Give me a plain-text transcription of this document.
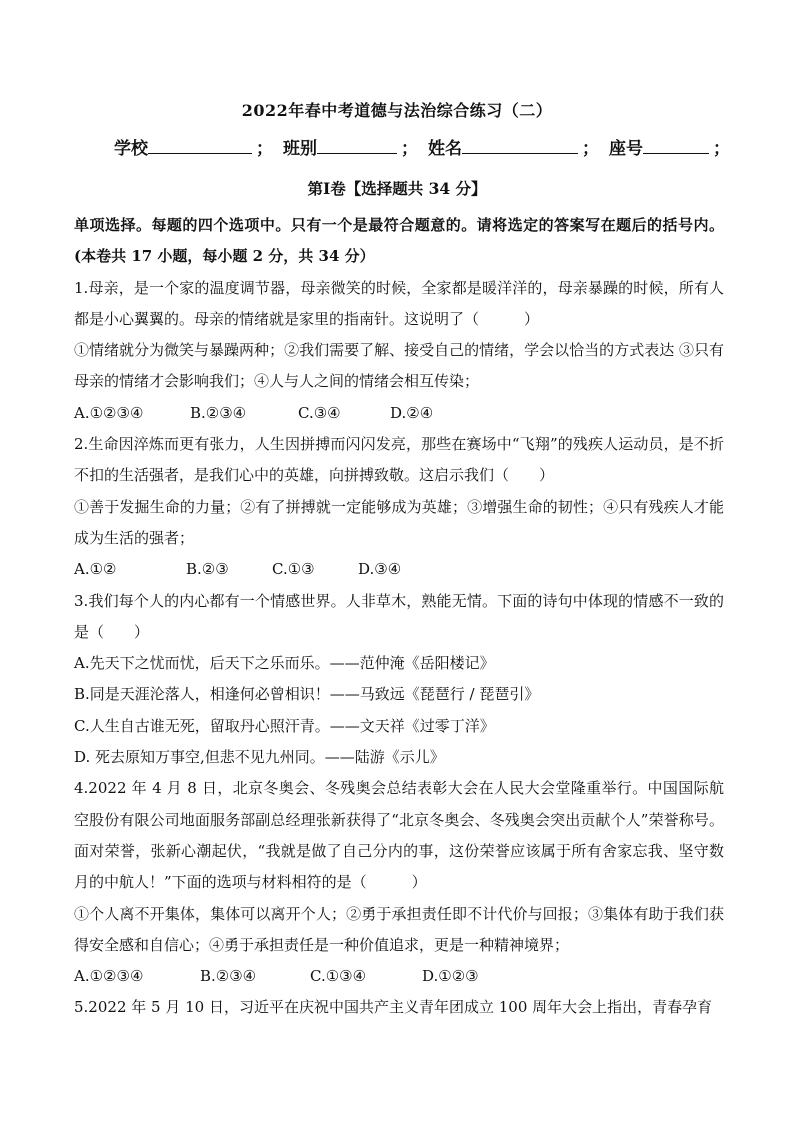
2022年春中考道德与法治综合练习（二）
学校	； 班别	； 姓名	； 座号	；
第Ⅰ卷【选择题共 34 分】

单项选择。每题的四个选项中。只有一个是最符合题意的。请将选定的答案写在题后的括号内。(本卷共 17 小题，每小题 2 分，共 34 分）

1.母亲，是一个家的温度调节器，母亲微笑的时候，全家都是暖洋洋的，母亲暴躁的时候，所有人都是小心翼翼的。母亲的情绪就是家里的指南针。这说明了（　　　）

①情绪就分为微笑与暴躁两种；②我们需要了解、接受自己的情绪，学会以恰当的方式表达 ③只有母亲的情绪才会影响我们；④人与人之间的情绪会相互传染；

A.①②③④	B.②③④	C.③④	D.②④

2.生命因淬炼而更有张力，人生因拼搏而闪闪发亮，那些在赛场中“飞翔”的残疾人运动员，是不折不扣的生活强者，是我们心中的英雄，向拼搏致敬。这启示我们（　　）

①善于发掘生命的力量；②有了拼搏就一定能够成为英雄；③增强生命的韧性；④只有残疾人才能成为生活的强者；

A.①②	B.②③	C.①③	D.③④

3.我们每个人的内心都有一个情感世界。人非草木，熟能无情。下面的诗句中体现的情感不一致的是（　　）

A.先天下之忧而忧，后天下之乐而乐。——范仲淹《岳阳楼记》

B.同是天涯沦落人，相逢何必曾相识！——马致远《琵琶行 / 琵琶引》

C.人生自古谁无死，留取丹心照汗青。——文天祥《过零丁洋》

D. 死去原知万事空,但悲不见九州同。——陆游《示儿》

4.2022 年 4 月 8 日，北京冬奥会、冬残奥会总结表彰大会在人民大会堂隆重举行。中国国际航空股份有限公司地面服务部副总经理张新获得了“北京冬奥会、冬残奥会突出贡献个人”荣誉称号。面对荣誉，张新心潮起伏，“我就是做了自己分内的事，这份荣誉应该属于所有舍家忘我、坚守数月的中航人！”下面的选项与材料相符的是（　　　）

①个人离不开集体，集体可以离开个人；②勇于承担责任即不计代价与回报；③集体有助于我们获得安全感和自信心；④勇于承担责任是一种价值追求，更是一种精神境界；

A.①②③④	B.②③④	C.①③④	D.①②③

5.2022 年 5 月 10 日，习近平在庆祝中国共产主义青年团成立 100 周年大会上指出，青春孕育
